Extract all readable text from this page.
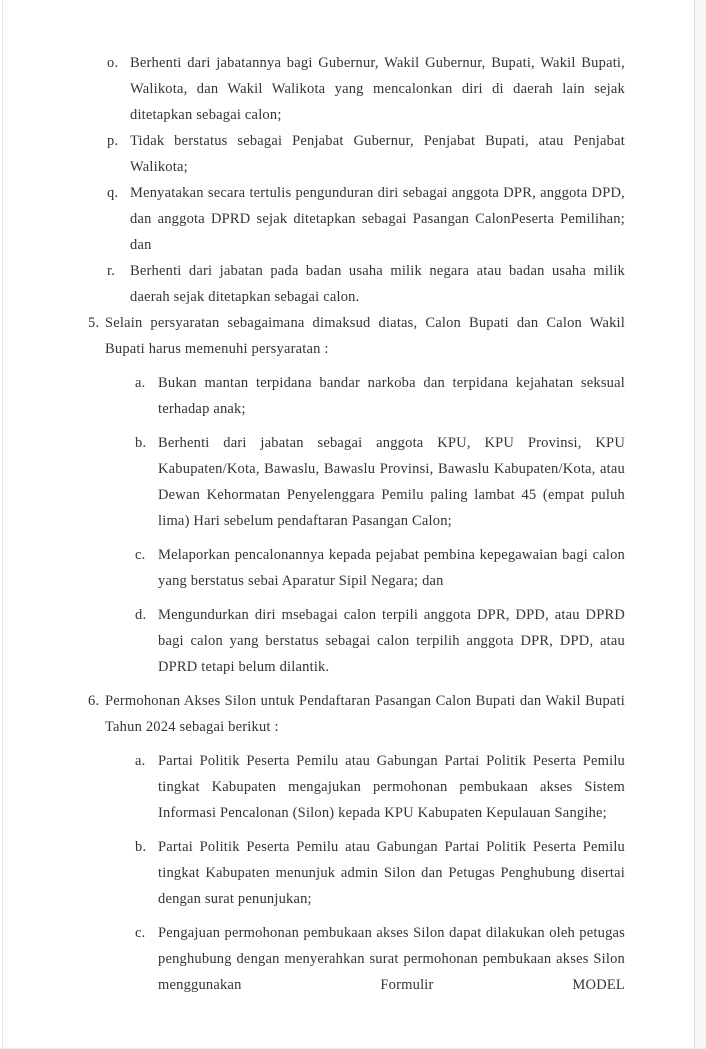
o. Berhenti dari jabatannya bagi Gubernur, Wakil Gubernur, Bupati, Wakil Bupati, Walikota, dan Wakil Walikota yang mencalonkan diri di daerah lain sejak ditetapkan sebagai calon;
p. Tidak berstatus sebagai Penjabat Gubernur, Penjabat Bupati, atau Penjabat Walikota;
q. Menyatakan secara tertulis pengunduran diri sebagai anggota DPR, anggota DPD, dan anggota DPRD sejak ditetapkan sebagai Pasangan CalonPeserta Pemilihan; dan
r.	Berhenti dari jabatan pada badan usaha milik negara atau badan usaha milik daerah sejak ditetapkan sebagai calon.
5. Selain persyaratan sebagaimana dimaksud diatas, Calon Bupati dan Calon Wakil Bupati harus memenuhi persyaratan :
a. Bukan mantan terpidana bandar narkoba dan terpidana kejahatan seksual terhadap anak;
b. Berhenti dari jabatan sebagai anggota KPU, KPU Provinsi, KPU Kabupaten/Kota, Bawaslu, Bawaslu Provinsi, Bawaslu Kabupaten/Kota, atau Dewan Kehormatan Penyelenggara Pemilu paling lambat 45 (empat puluh lima) Hari sebelum pendaftaran Pasangan Calon;
c. Melaporkan pencalonannya kepada pejabat pembina kepegawaian bagi calon yang berstatus sebai Aparatur Sipil Negara; dan
d. Mengundurkan diri msebagai calon terpili anggota DPR, DPD, atau DPRD bagi calon yang berstatus sebagai calon terpilih anggota DPR, DPD, atau DPRD tetapi belum dilantik.
6. Permohonan Akses Silon untuk Pendaftaran Pasangan Calon Bupati dan Wakil Bupati Tahun 2024 sebagai berikut :
a. Partai Politik Peserta Pemilu atau Gabungan Partai Politik Peserta Pemilu tingkat Kabupaten mengajukan permohonan pembukaan akses Sistem Informasi Pencalonan (Silon) kepada KPU Kabupaten Kepulauan Sangihe;
b. Partai Politik Peserta Pemilu atau Gabungan Partai Politik Peserta Pemilu tingkat Kabupaten menunjuk admin Silon dan Petugas Penghubung disertai dengan surat penunjukan;
c. Pengajuan permohonan pembukaan akses Silon dapat dilakukan oleh petugas penghubung dengan menyerahkan surat permohonan pembukaan akses Silon menggunakan Formulir MODEL
